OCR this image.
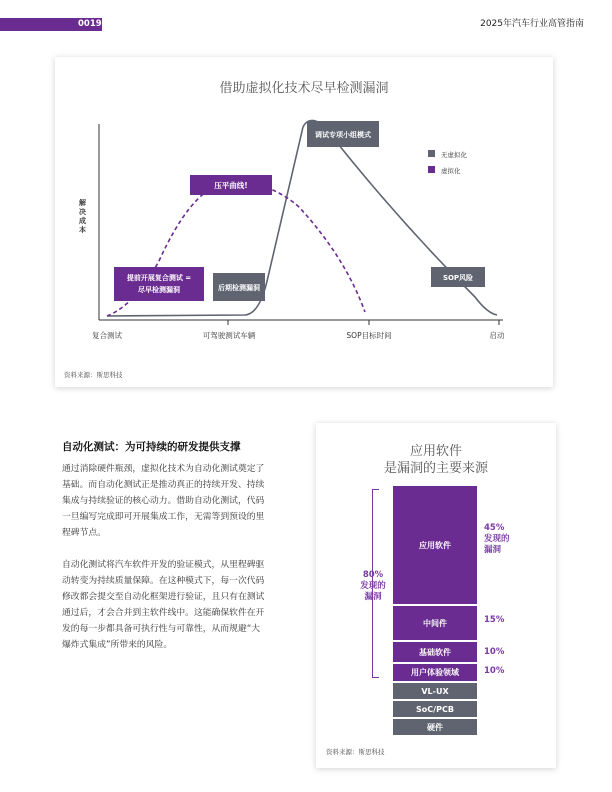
0019	2025年汽车行业高管指南
借助虚拟化技术尽早检测漏洞
解决成本
提前开展复合测试 =
尽早检测漏洞
压平曲线!
后期检测漏洞
调试专项小组模式
SOP风险
无虚拟化
虚拟化
复合测试	可驾驶测试车辆	SOP目标时间	启动
资料来源：斯思科技
自动化测试：为可持续的研发提供支撑
通过消除硬件瓶颈，虚拟化技术为自动化测试奠定了基础。而自动化测试正是推动真正的持续开发、持续集成与持续验证的核心动力。借助自动化测试，代码一旦编写完成即可开展集成工作，无需等到预设的里程碑节点。
自动化测试将汽车软件开发的验证模式，从里程碑驱动转变为持续质量保障。在这种模式下，每一次代码修改都会提交至自动化框架进行验证，且只有在测试通过后，才会合并到主软件线中。这能确保软件在开发的每一步都具备可执行性与可靠性，从而规避“大爆炸式集成”所带来的风险。
应用软件
是漏洞的主要来源
80%
发现的
漏洞
资料来源：斯思科技
应用软件
45%
发现的
漏洞
中间件	15%
基础软件	10%
用户体验领域	10%
VL-UX
SoC/PCB
硬件
